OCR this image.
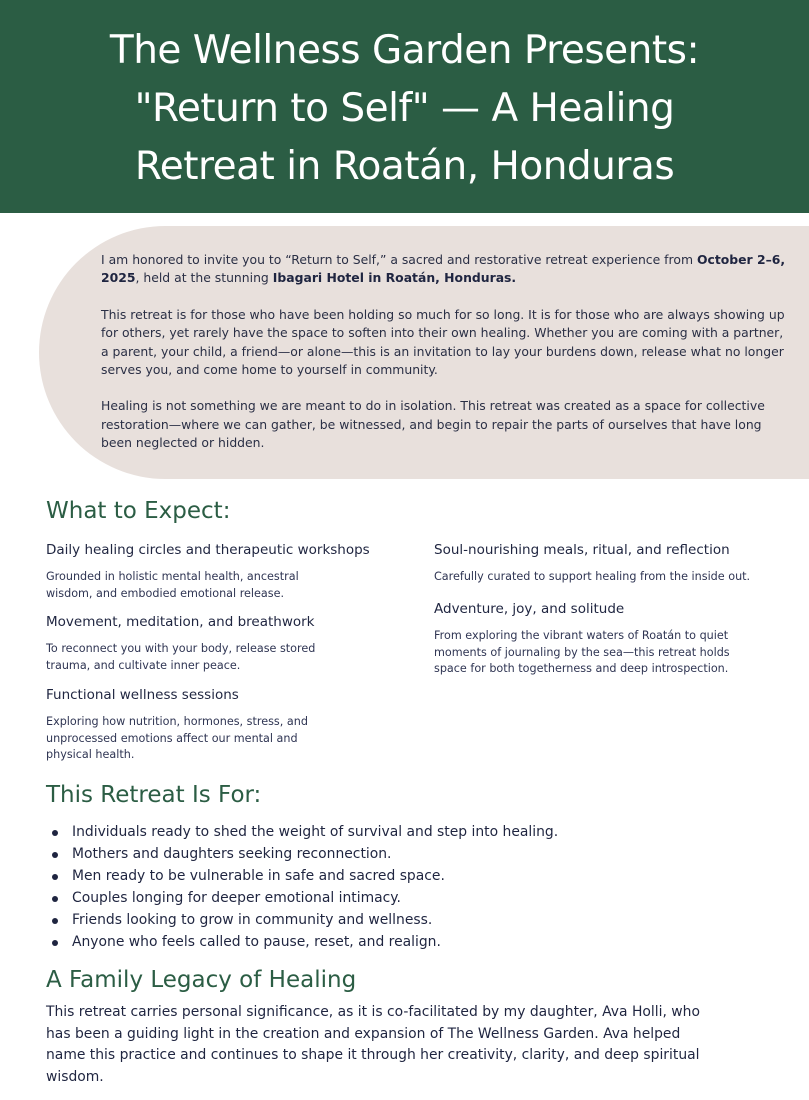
The Wellness Garden Presents:
"Return to Self" — A Healing
Retreat in Roatán, Honduras

I am honored to invite you to “Return to Self,” a sacred and restorative retreat experience from October 2–6, 2025, held at the stunning Ibagari Hotel in Roatán, Honduras.

This retreat is for those who have been holding so much for so long. It is for those who are always showing up for others, yet rarely have the space to soften into their own healing. Whether you are coming with a partner, a parent, your child, a friend—or alone—this is an invitation to lay your burdens down, release what no longer serves you, and come home to yourself in community.

Healing is not something we are meant to do in isolation. This retreat was created as a space for collective restoration—where we can gather, be witnessed, and begin to repair the parts of ourselves that have long been neglected or hidden.

What to Expect:

Daily healing circles and therapeutic workshops

Grounded in holistic mental health, ancestral wisdom, and embodied emotional release.

Movement, meditation, and breathwork

To reconnect you with your body, release stored trauma, and cultivate inner peace.

Functional wellness sessions

Exploring how nutrition, hormones, stress, and unprocessed emotions affect our mental and physical health.

Soul-nourishing meals, ritual, and reflection

Carefully curated to support healing from the inside out.

Adventure, joy, and solitude

From exploring the vibrant waters of Roatán to quiet moments of journaling by the sea—this retreat holds space for both togetherness and deep introspection.

This Retreat Is For:
Individuals ready to shed the weight of survival and step into healing.
Mothers and daughters seeking reconnection.
Men ready to be vulnerable in safe and sacred space.
Couples longing for deeper emotional intimacy.
Friends looking to grow in community and wellness.
Anyone who feels called to pause, reset, and realign.
A Family Legacy of Healing

This retreat carries personal significance, as it is co-facilitated by my daughter, Ava Holli, who has been a guiding light in the creation and expansion of The Wellness Garden. Ava helped name this practice and continues to shape it through her creativity, clarity, and deep spiritual wisdom.
